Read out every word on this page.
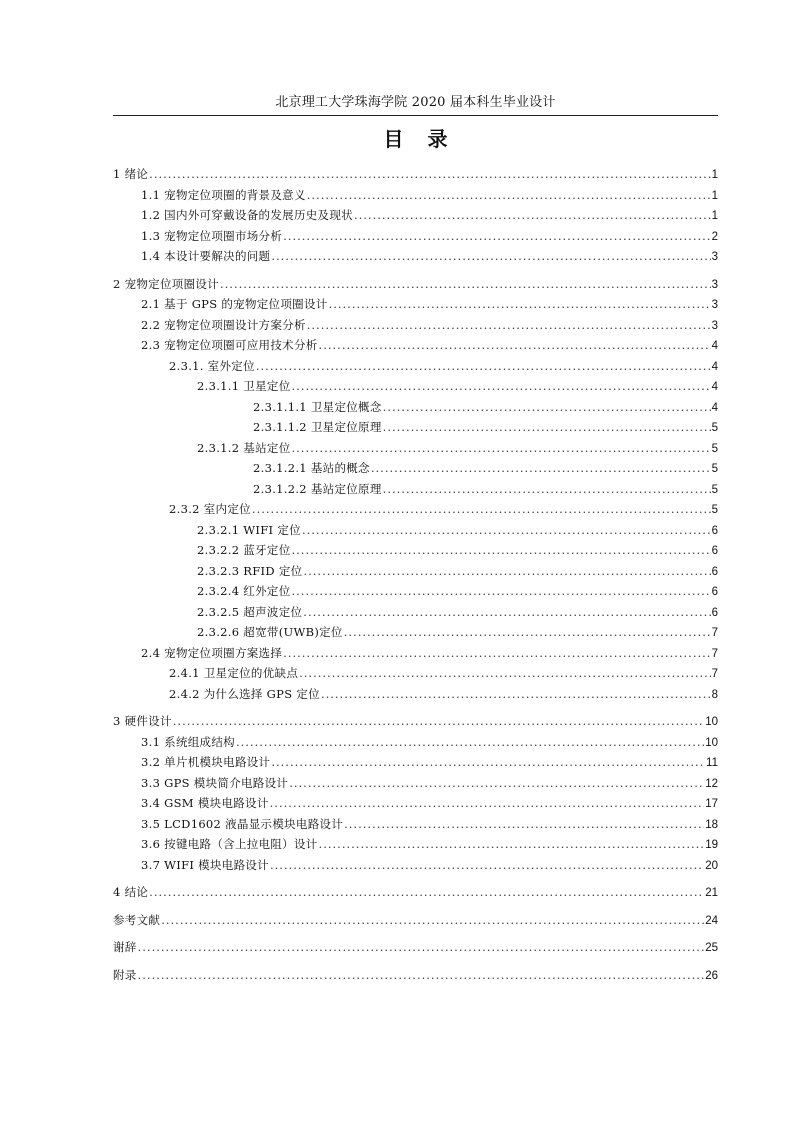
北京理工大学珠海学院 2020 届本科生毕业设计
目录
1 绪论 .....	1
1.1 宠物定位项圈的背景及意义 .....	1
1.2 国内外可穿戴设备的发展历史及现状 .....	1
1.3 宠物定位项圈市场分析 .....	2
1.4 本设计要解决的问题 .....	3
2 宠物定位项圈设计 .....	3
2.1 基于 GPS 的宠物定位项圈设计 .....	3
2.2 宠物定位项圈设计方案分析 .....	3
2.3 宠物定位项圈可应用技术分析 .....	4
2.3.1. 室外定位 .....	4
2.3.1.1 卫星定位 .....	4
2.3.1.1.1 卫星定位概念 .....	4
2.3.1.1.2 卫星定位原理 .....	5
2.3.1.2 基站定位 .....	5
2.3.1.2.1 基站的概念 .....	5
2.3.1.2.2 基站定位原理 .....	5
2.3.2 室内定位 .....	5
2.3.2.1 WIFI 定位 .....	6
2.3.2.2 蓝牙定位 .....	6
2.3.2.3 RFID 定位 .....	6
2.3.2.4 红外定位 .....	6
2.3.2.5 超声波定位 .....	6
2.3.2.6 超宽带(UWB)定位 .....	7
2.4 宠物定位项圈方案选择 .....	7
2.4.1 卫星定位的优缺点 .....	7
2.4.2 为什么选择 GPS 定位 .....	8
3 硬件设计 .....	10
3.1 系统组成结构 .....	10
3.2 单片机模块电路设计 .....	11
3.3 GPS 模块简介电路设计 .....	12
3.4 GSM 模块电路设计 .....	17
3.5 LCD1602 液晶显示模块电路设计 .....	18
3.6 按键电路（含上拉电阻）设计 .....	19
3.7 WIFI 模块电路设计 .....	20
4 结论 .....	21
参考文献 .....	24
谢辞 .....	25
附录 .....	26
